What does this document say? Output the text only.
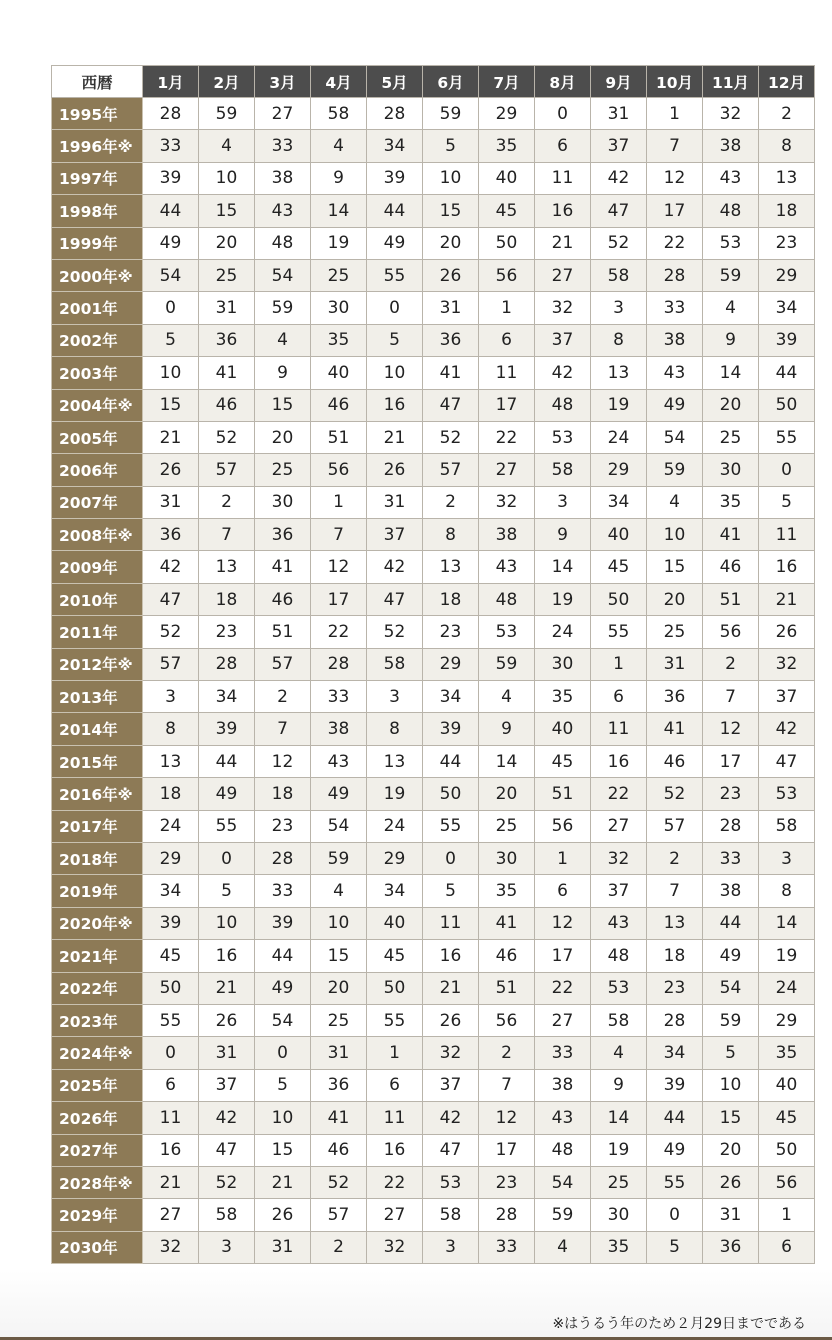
西暦	1月	2月	3月	4月	5月	6月	7月	8月	9月	10月	11月	12月
1995年	28	59	27	58	28	59	29	0	31	1	32	2
1996年※	33	4	33	4	34	5	35	6	37	7	38	8
1997年	39	10	38	9	39	10	40	11	42	12	43	13
1998年	44	15	43	14	44	15	45	16	47	17	48	18
1999年	49	20	48	19	49	20	50	21	52	22	53	23
2000年※	54	25	54	25	55	26	56	27	58	28	59	29
2001年	0	31	59	30	0	31	1	32	3	33	4	34
2002年	5	36	4	35	5	36	6	37	8	38	9	39
2003年	10	41	9	40	10	41	11	42	13	43	14	44
2004年※	15	46	15	46	16	47	17	48	19	49	20	50
2005年	21	52	20	51	21	52	22	53	24	54	25	55
2006年	26	57	25	56	26	57	27	58	29	59	30	0
2007年	31	2	30	1	31	2	32	3	34	4	35	5
2008年※	36	7	36	7	37	8	38	9	40	10	41	11
2009年	42	13	41	12	42	13	43	14	45	15	46	16
2010年	47	18	46	17	47	18	48	19	50	20	51	21
2011年	52	23	51	22	52	23	53	24	55	25	56	26
2012年※	57	28	57	28	58	29	59	30	1	31	2	32
2013年	3	34	2	33	3	34	4	35	6	36	7	37
2014年	8	39	7	38	8	39	9	40	11	41	12	42
2015年	13	44	12	43	13	44	14	45	16	46	17	47
2016年※	18	49	18	49	19	50	20	51	22	52	23	53
2017年	24	55	23	54	24	55	25	56	27	57	28	58
2018年	29	0	28	59	29	0	30	1	32	2	33	3
2019年	34	5	33	4	34	5	35	6	37	7	38	8
2020年※	39	10	39	10	40	11	41	12	43	13	44	14
2021年	45	16	44	15	45	16	46	17	48	18	49	19
2022年	50	21	49	20	50	21	51	22	53	23	54	24
2023年	55	26	54	25	55	26	56	27	58	28	59	29
2024年※	0	31	0	31	1	32	2	33	4	34	5	35
2025年	6	37	5	36	6	37	7	38	9	39	10	40
2026年	11	42	10	41	11	42	12	43	14	44	15	45
2027年	16	47	15	46	16	47	17	48	19	49	20	50
2028年※	21	52	21	52	22	53	23	54	25	55	26	56
2029年	27	58	26	57	27	58	28	59	30	0	31	1
2030年	32	3	31	2	32	3	33	4	35	5	36	6
※はうるう年のため２月29日までである
